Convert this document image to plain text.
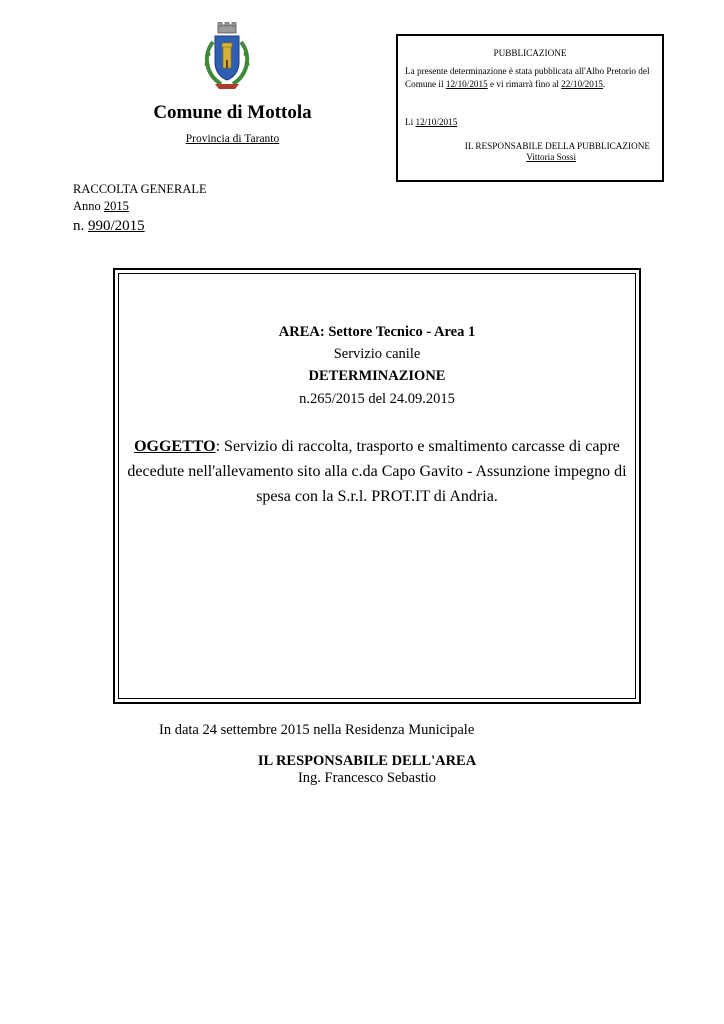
Comune di Mottola
Provincia di Taranto
PUBBLICAZIONE
La presente determinazione è stata pubblicata all'Albo Pretorio del Comune il 12/10/2015 e vi rimarrà fino al 22/10/2015.
Li 12/10/2015
IL RESPONSABILE DELLA PUBBLICAZIONE
Vittoria Sossi
RACCOLTA GENERALE
Anno 2015
n. 990/2015
AREA: Settore Tecnico - Area 1
Servizio canile
DETERMINAZIONE
n.265/2015 del 24.09.2015
OGGETTO: Servizio di raccolta, trasporto e smaltimento carcasse di capre decedute nell'allevamento sito alla c.da Capo Gavito - Assunzione impegno di spesa con la S.r.l. PROT.IT di Andria.
In data 24 settembre 2015 nella Residenza Municipale
IL RESPONSABILE DELL'AREA
Ing. Francesco Sebastio
